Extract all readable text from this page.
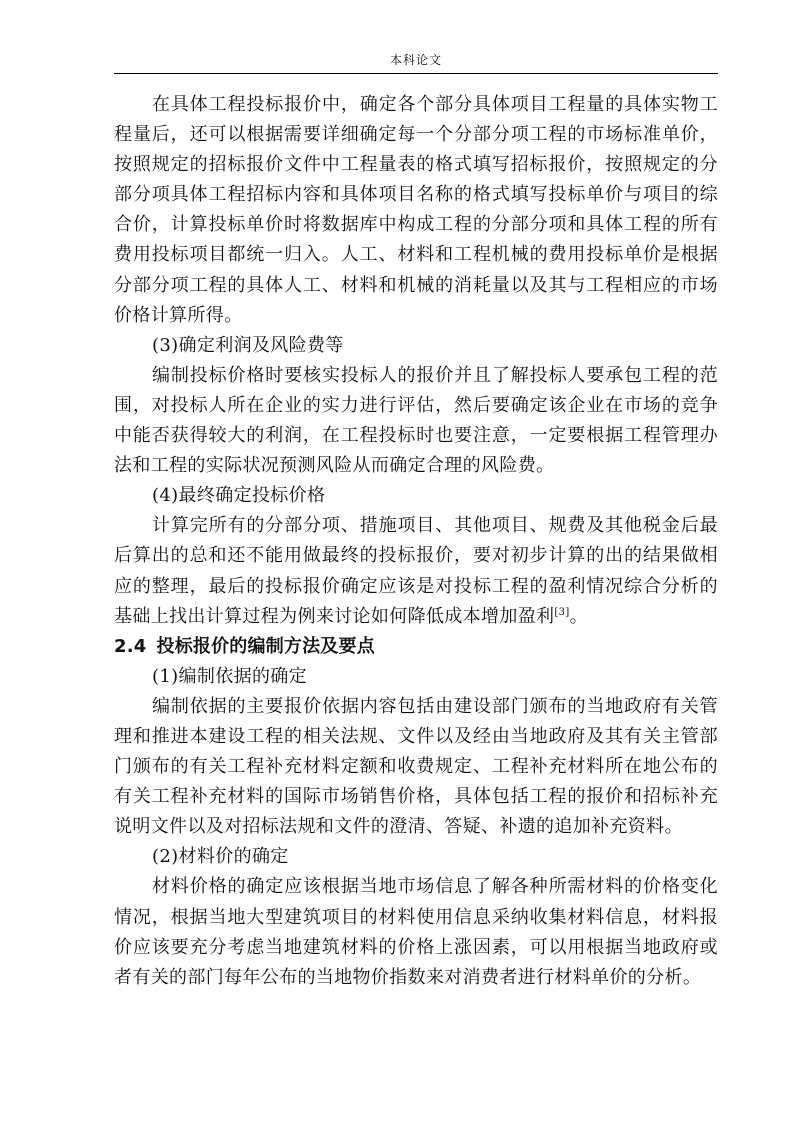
本科论文

在具体工程投标报价中，确定各个部分具体项目工程量的具体实物工程量后，还可以根据需要详细确定每一个分部分项工程的市场标准单价，按照规定的招标报价文件中工程量表的格式填写招标报价，按照规定的分部分项具体工程招标内容和具体项目名称的格式填写投标单价与项目的综合价，计算投标单价时将数据库中构成工程的分部分项和具体工程的所有费用投标项目都统一归入。人工、材料和工程机械的费用投标单价是根据分部分项工程的具体人工、材料和机械的消耗量以及其与工程相应的市场价格计算所得。

(3)确定利润及风险费等

编制投标价格时要核实投标人的报价并且了解投标人要承包工程的范围，对投标人所在企业的实力进行评估，然后要确定该企业在市场的竞争中能否获得较大的利润，在工程投标时也要注意，一定要根据工程管理办法和工程的实际状况预测风险从而确定合理的风险费。

(4)最终确定投标价格

计算完所有的分部分项、措施项目、其他项目、规费及其他税金后最后算出的总和还不能用做最终的投标报价，要对初步计算的出的结果做相应的整理，最后的投标报价确定应该是对投标工程的盈利情况综合分析的基础上找出计算过程为例来讨论如何降低成本增加盈利[3]。

2.4 投标报价的编制方法及要点

(1)编制依据的确定

编制依据的主要报价依据内容包括由建设部门颁布的当地政府有关管理和推进本建设工程的相关法规、文件以及经由当地政府及其有关主管部门颁布的有关工程补充材料定额和收费规定、工程补充材料所在地公布的有关工程补充材料的国际市场销售价格，具体包括工程的报价和招标补充说明文件以及对招标法规和文件的澄清、答疑、补遗的追加补充资料。

(2)材料价的确定

材料价格的确定应该根据当地市场信息了解各种所需材料的价格变化情况，根据当地大型建筑项目的材料使用信息采纳收集材料信息，材料报价应该要充分考虑当地建筑材料的价格上涨因素，可以用根据当地政府或者有关的部门每年公布的当地物价指数来对消费者进行材料单价的分析。
